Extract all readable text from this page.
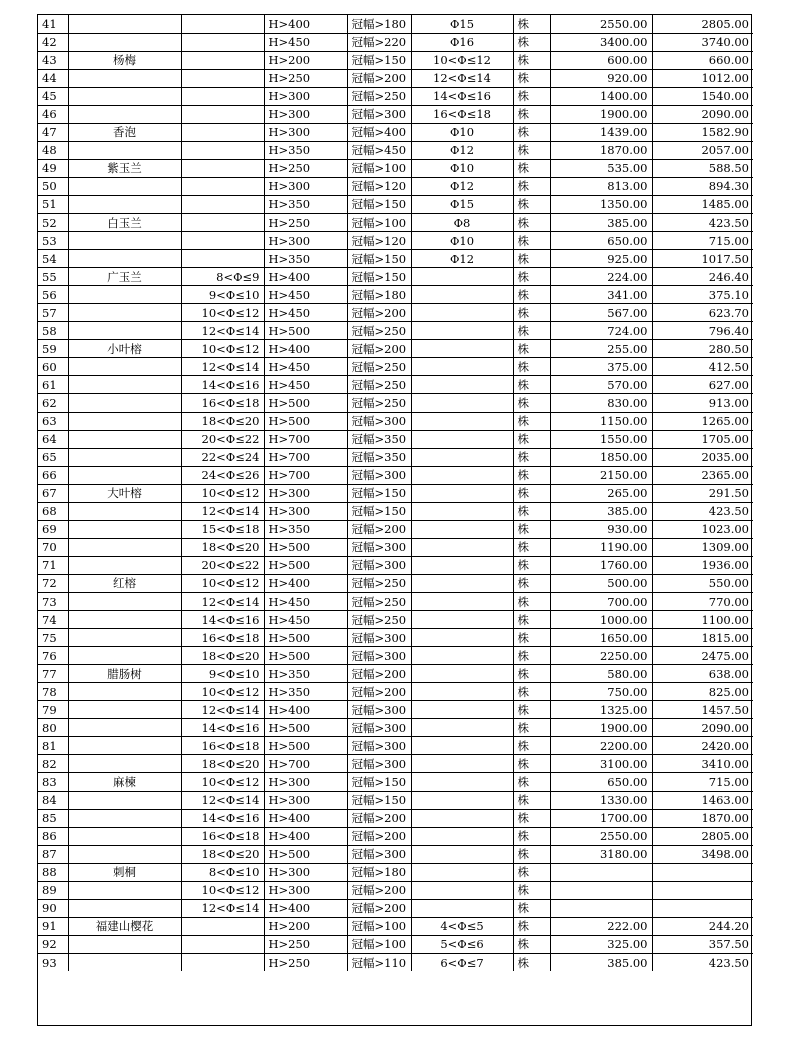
41			H>400	冠幅>180	Φ15	株	2550.00	2805.00
42			H>450	冠幅>220	Φ16	株	3400.00	3740.00
43	杨梅		H>200	冠幅>150	10<Φ≤12	株	600.00	660.00
44			H>250	冠幅>200	12<Φ≤14	株	920.00	1012.00
45			H>300	冠幅>250	14<Φ≤16	株	1400.00	1540.00
46			H>300	冠幅>300	16<Φ≤18	株	1900.00	2090.00
47	香泡		H>300	冠幅>400	Φ10	株	1439.00	1582.90
48			H>350	冠幅>450	Φ12	株	1870.00	2057.00
49	紫玉兰		H>250	冠幅>100	Φ10	株	535.00	588.50
50			H>300	冠幅>120	Φ12	株	813.00	894.30
51			H>350	冠幅>150	Φ15	株	1350.00	1485.00
52	白玉兰		H>250	冠幅>100	Φ8	株	385.00	423.50
53			H>300	冠幅>120	Φ10	株	650.00	715.00
54			H>350	冠幅>150	Φ12	株	925.00	1017.50
55	广玉兰	8<Φ≤9	H>400	冠幅>150		株	224.00	246.40
56		9<Φ≤10	H>450	冠幅>180		株	341.00	375.10
57		10<Φ≤12	H>450	冠幅>200		株	567.00	623.70
58		12<Φ≤14	H>500	冠幅>250		株	724.00	796.40
59	小叶榕	10<Φ≤12	H>400	冠幅>200		株	255.00	280.50
60		12<Φ≤14	H>450	冠幅>250		株	375.00	412.50
61		14<Φ≤16	H>450	冠幅>250		株	570.00	627.00
62		16<Φ≤18	H>500	冠幅>250		株	830.00	913.00
63		18<Φ≤20	H>500	冠幅>300		株	1150.00	1265.00
64		20<Φ≤22	H>700	冠幅>350		株	1550.00	1705.00
65		22<Φ≤24	H>700	冠幅>350		株	1850.00	2035.00
66		24<Φ≤26	H>700	冠幅>300		株	2150.00	2365.00
67	大叶榕	10<Φ≤12	H>300	冠幅>150		株	265.00	291.50
68		12<Φ≤14	H>300	冠幅>150		株	385.00	423.50
69		15<Φ≤18	H>350	冠幅>200		株	930.00	1023.00
70		18<Φ≤20	H>500	冠幅>300		株	1190.00	1309.00
71		20<Φ≤22	H>500	冠幅>300		株	1760.00	1936.00
72	红榕	10<Φ≤12	H>400	冠幅>250		株	500.00	550.00
73		12<Φ≤14	H>450	冠幅>250		株	700.00	770.00
74		14<Φ≤16	H>450	冠幅>250		株	1000.00	1100.00
75		16<Φ≤18	H>500	冠幅>300		株	1650.00	1815.00
76		18<Φ≤20	H>500	冠幅>300		株	2250.00	2475.00
77	腊肠树	9<Φ≤10	H>350	冠幅>200		株	580.00	638.00
78		10<Φ≤12	H>350	冠幅>200		株	750.00	825.00
79		12<Φ≤14	H>400	冠幅>300		株	1325.00	1457.50
80		14<Φ≤16	H>500	冠幅>300		株	1900.00	2090.00
81		16<Φ≤18	H>500	冠幅>300		株	2200.00	2420.00
82		18<Φ≤20	H>700	冠幅>300		株	3100.00	3410.00
83	麻楝	10<Φ≤12	H>300	冠幅>150		株	650.00	715.00
84		12<Φ≤14	H>300	冠幅>150		株	1330.00	1463.00
85		14<Φ≤16	H>400	冠幅>200		株	1700.00	1870.00
86		16<Φ≤18	H>400	冠幅>200		株	2550.00	2805.00
87		18<Φ≤20	H>500	冠幅>300		株	3180.00	3498.00
88	刺桐	8<Φ≤10	H>300	冠幅>180		株		
89		10<Φ≤12	H>300	冠幅>200		株		
90		12<Φ≤14	H>400	冠幅>200		株		
91	福建山樱花		H>200	冠幅>100	4<Φ≤5	株	222.00	244.20
92			H>250	冠幅>100	5<Φ≤6	株	325.00	357.50
93			H>250	冠幅>110	6<Φ≤7	株	385.00	423.50
